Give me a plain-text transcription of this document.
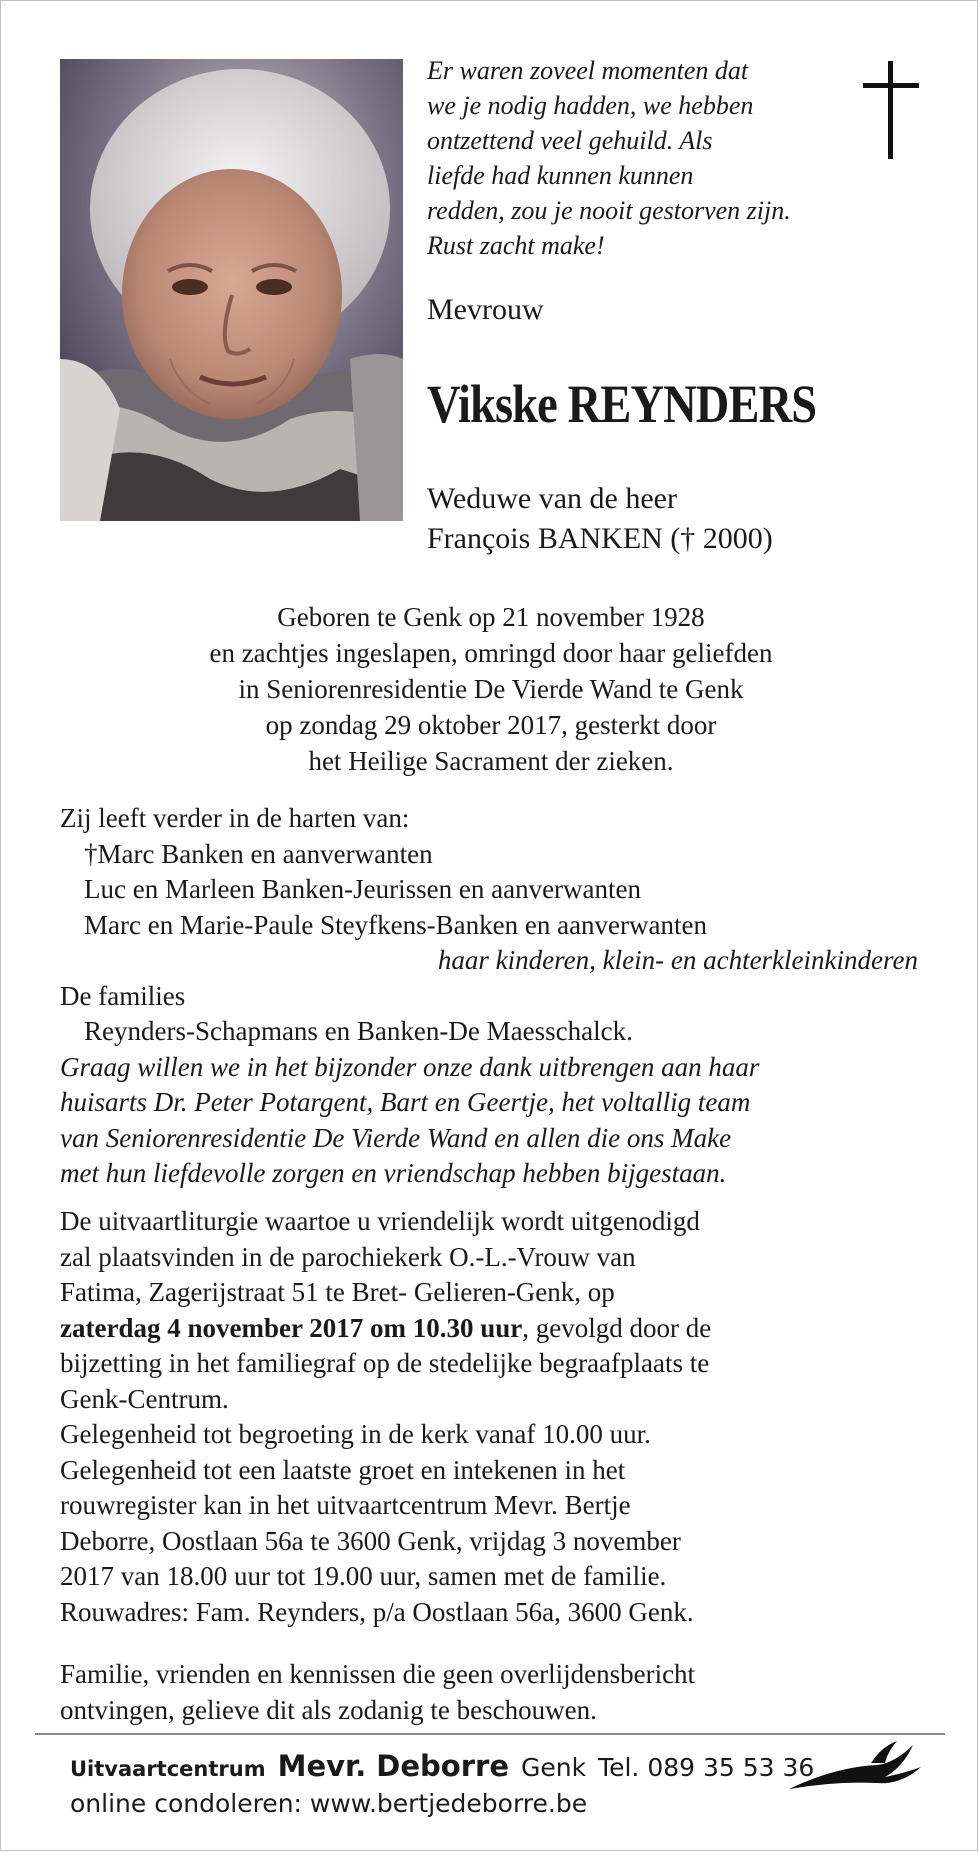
Er waren zoveel momenten dat
we je nodig hadden, we hebben
ontzettend veel gehuild. Als
liefde had kunnen kunnen
redden, zou je nooit gestorven zijn.
Rust zacht make!
Mevrouw
Vikske REYNDERS
Weduwe van de heer
François BANKEN († 2000)
Geboren te Genk op 21 november 1928
en zachtjes ingeslapen, omringd door haar geliefden
in Seniorenresidentie De Vierde Wand te Genk
op zondag 29 oktober 2017, gesterkt door
het Heilige Sacrament der zieken.
Zij leeft verder in de harten van:
†Marc Banken en aanverwanten
Luc en Marleen Banken-Jeurissen en aanverwanten
Marc en Marie-Paule Steyfkens-Banken en aanverwanten
haar kinderen, klein- en achterkleinkinderen
De families
Reynders-Schapmans en Banken-De Maesschalck.
Graag willen we in het bijzonder onze dank uitbrengen aan haar
huisarts Dr. Peter Potargent, Bart en Geertje, het voltallig team
van Seniorenresidentie De Vierde Wand en allen die ons Make
met hun liefdevolle zorgen en vriendschap hebben bijgestaan.
De uitvaartliturgie waartoe u vriendelijk wordt uitgenodigd
zal plaatsvinden in de parochiekerk O.-L.-Vrouw van
Fatima, Zagerijstraat 51 te Bret- Gelieren-Genk, op
zaterdag 4 november 2017 om 10.30 uur, gevolgd door de
bijzetting in het familiegraf op de stedelijke begraafplaats te
Genk-Centrum.
Gelegenheid tot begroeting in de kerk vanaf 10.00 uur.
Gelegenheid tot een laatste groet en intekenen in het
rouwregister kan in het uitvaartcentrum Mevr. Bertje
Deborre, Oostlaan 56a te 3600 Genk, vrijdag 3 november
2017 van 18.00 uur tot 19.00 uur, samen met de familie.
Rouwadres: Fam. Reynders, p/a Oostlaan 56a, 3600 Genk.
Familie, vrienden en kennissen die geen overlijdensbericht
ontvingen, gelieve dit als zodanig te beschouwen.
Uitvaartcentrum Mevr. Deborre Genk Tel. 089 35 53 36
online condoleren: www.bertjedeborre.be
